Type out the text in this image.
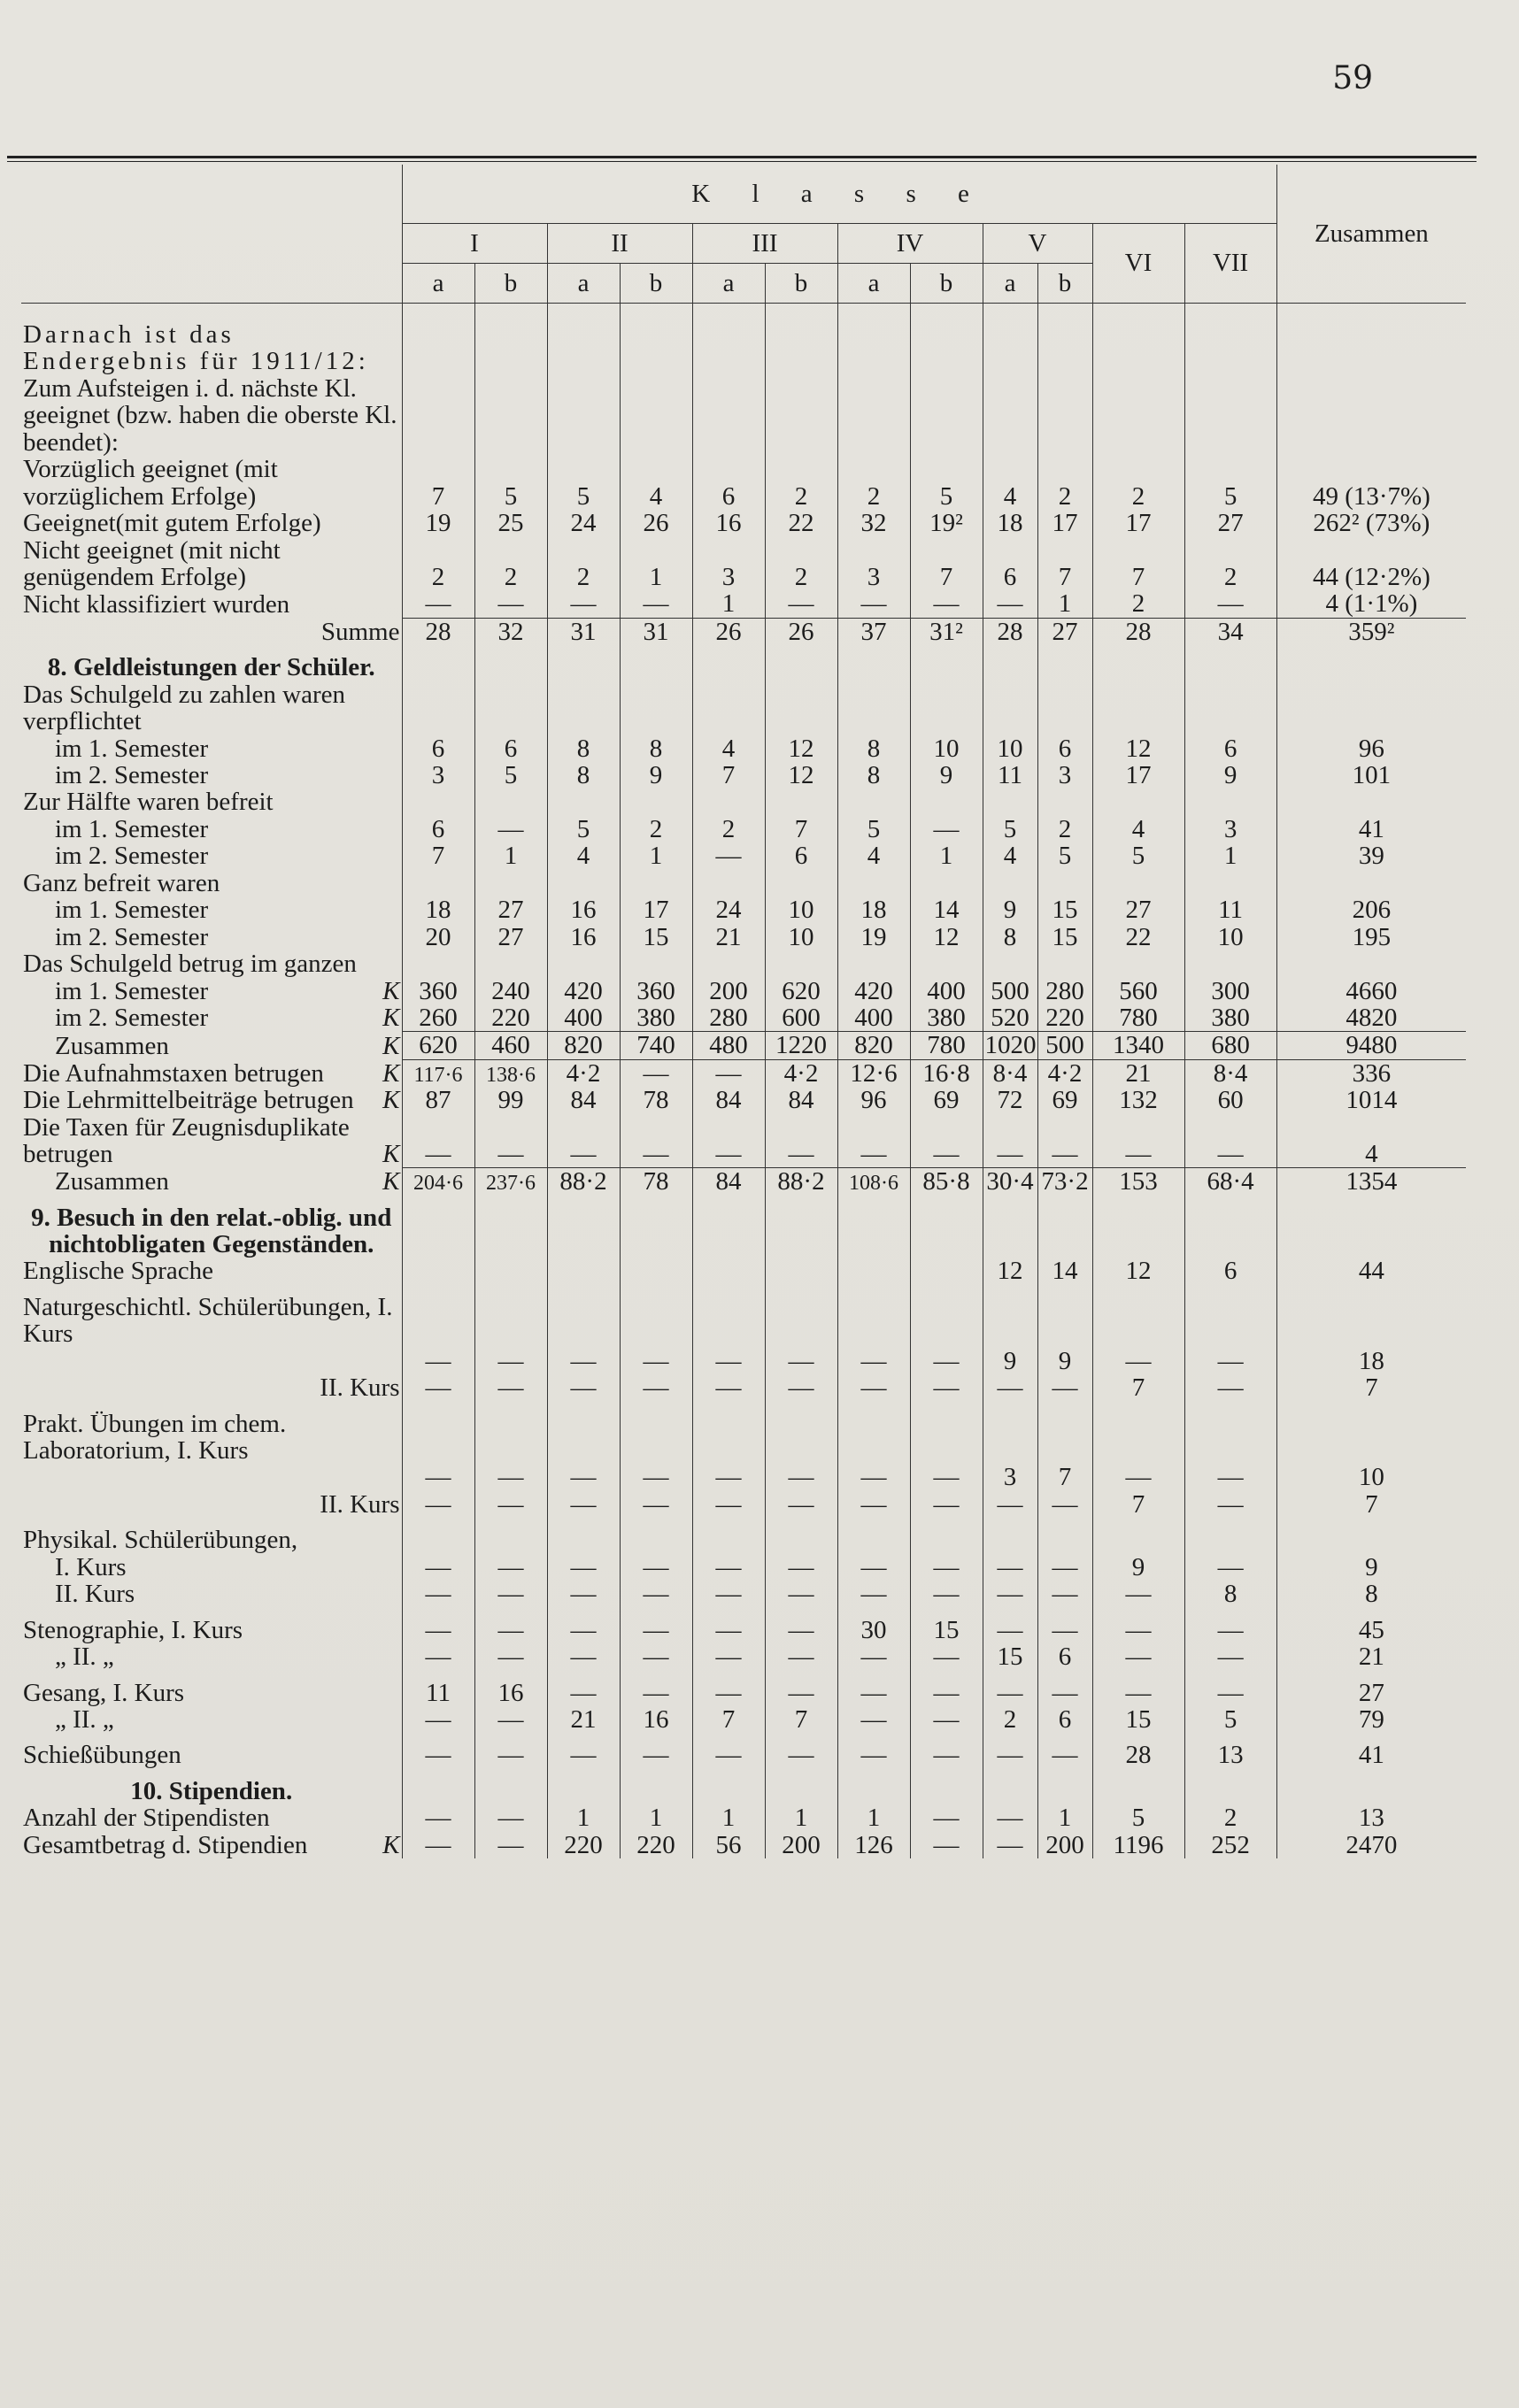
59
	K l a s s e												Zusammen
	I		II		III		IV		V		VI	VII	
	a	b	a	b	a	b	a	b	a	b			
Darnach ist das Endergebnis für 1911/12:													
Zum Aufsteigen i. d. nächste Kl. geeignet (bzw. haben die oberste Kl. beendet):													
Vorzüglich geeignet (mit vorzüglichem Erfolge)	7	5	5	4	6	2	2	5	4	2	2	5	49 (13·7%)
Geeignet(mit gutem Erfolge)	19	25	24	26	16	22	32	19²	18	17	17	27	262² (73%)
Nicht geeignet (mit nicht genügendem Erfolge)	2	2	2	1	3	2	3	7	6	7	7	2	44 (12·2%)
Nicht klassifiziert wurden	—	—	—	—	1	—	—	—	—	1	2	—	4 (1·1%)
Summe	28	32	31	31	26	26	37	31²	28	27	28	34	359²
8. Geldleistungen der Schüler.													
Das Schulgeld zu zahlen waren verpflichtet													
im 1. Semester	6	6	8	8	4	12	8	10	10	6	12	6	96
im 2. Semester	3	5	8	9	7	12	8	9	11	3	17	9	101
Zur Hälfte waren befreit													
im 1. Semester	6	—	5	2	2	7	5	—	5	2	4	3	41
im 2. Semester	7	1	4	1	—	6	4	1	4	5	5	1	39
Ganz befreit waren													
im 1. Semester	18	27	16	17	24	10	18	14	9	15	27	11	206
im 2. Semester	20	27	16	15	21	10	19	12	8	15	22	10	195
Das Schulgeld betrug im ganzen													
im 1. Semester K	360	240	420	360	200	620	420	400	500	280	560	300	4660
im 2. Semester K	260	220	400	380	280	600	400	380	520	220	780	380	4820
Zusammen K	620	460	820	740	480	1220	820	780	1020	500	1340	680	9480
Die Aufnahmstaxen betrugen K	117·6	138·6	4·2	—	—	4·2	12·6	16·8	8·4	4·2	21	8·4	336
Die Lehrmittelbeiträge betrugen K	87	99	84	78	84	84	96	69	72	69	132	60	1014
Die Taxen für Zeugnisduplikate betrugen K	—	—	—	—	—	—	—	—	—	—	—	—	4
Zusammen K	204·6	237·6	88·2	78	84	88·2	108·6	85·8	30·4	73·2	153	68·4	1354
9. Besuch in den relat.-oblig. und nichtobligaten Gegenständen.													
Englische Sprache									12	14	12	6	44
Naturgeschichtl. Schülerübungen, I. Kurs													
	—	—	—	—	—	—	—	—	9	9	—	—	18
II. Kurs	—	—	—	—	—	—	—	—	—	—	7	—	7
Prakt. Übungen im chem. Laboratorium, I. Kurs													
	—	—	—	—	—	—	—	—	3	7	—	—	10
II. Kurs	—	—	—	—	—	—	—	—	—	—	7	—	7
Physikal. Schülerübungen,													
I. Kurs	—	—	—	—	—	—	—	—	—	—	9	—	9
II. Kurs	—	—	—	—	—	—	—	—	—	—	—	8	8
Stenographie, I. Kurs	—	—	—	—	—	—	30	15	—	—	—	—	45
„ II. „	—	—	—	—	—	—	—	—	15	6	—	—	21
Gesang, I. Kurs	11	16	—	—	—	—	—	—	—	—	—	—	27
„ II. „	—	—	21	16	7	7	—	—	2	6	15	5	79
Schießübungen	—	—	—	—	—	—	—	—	—	—	28	13	41
10. Stipendien.													
Anzahl der Stipendisten	—	—	1	1	1	1	1	—	—	1	5	2	13
Gesamtbetrag d. Stipendien K	—	—	220	220	56	200	126	—	—	200	1196	252	2470
